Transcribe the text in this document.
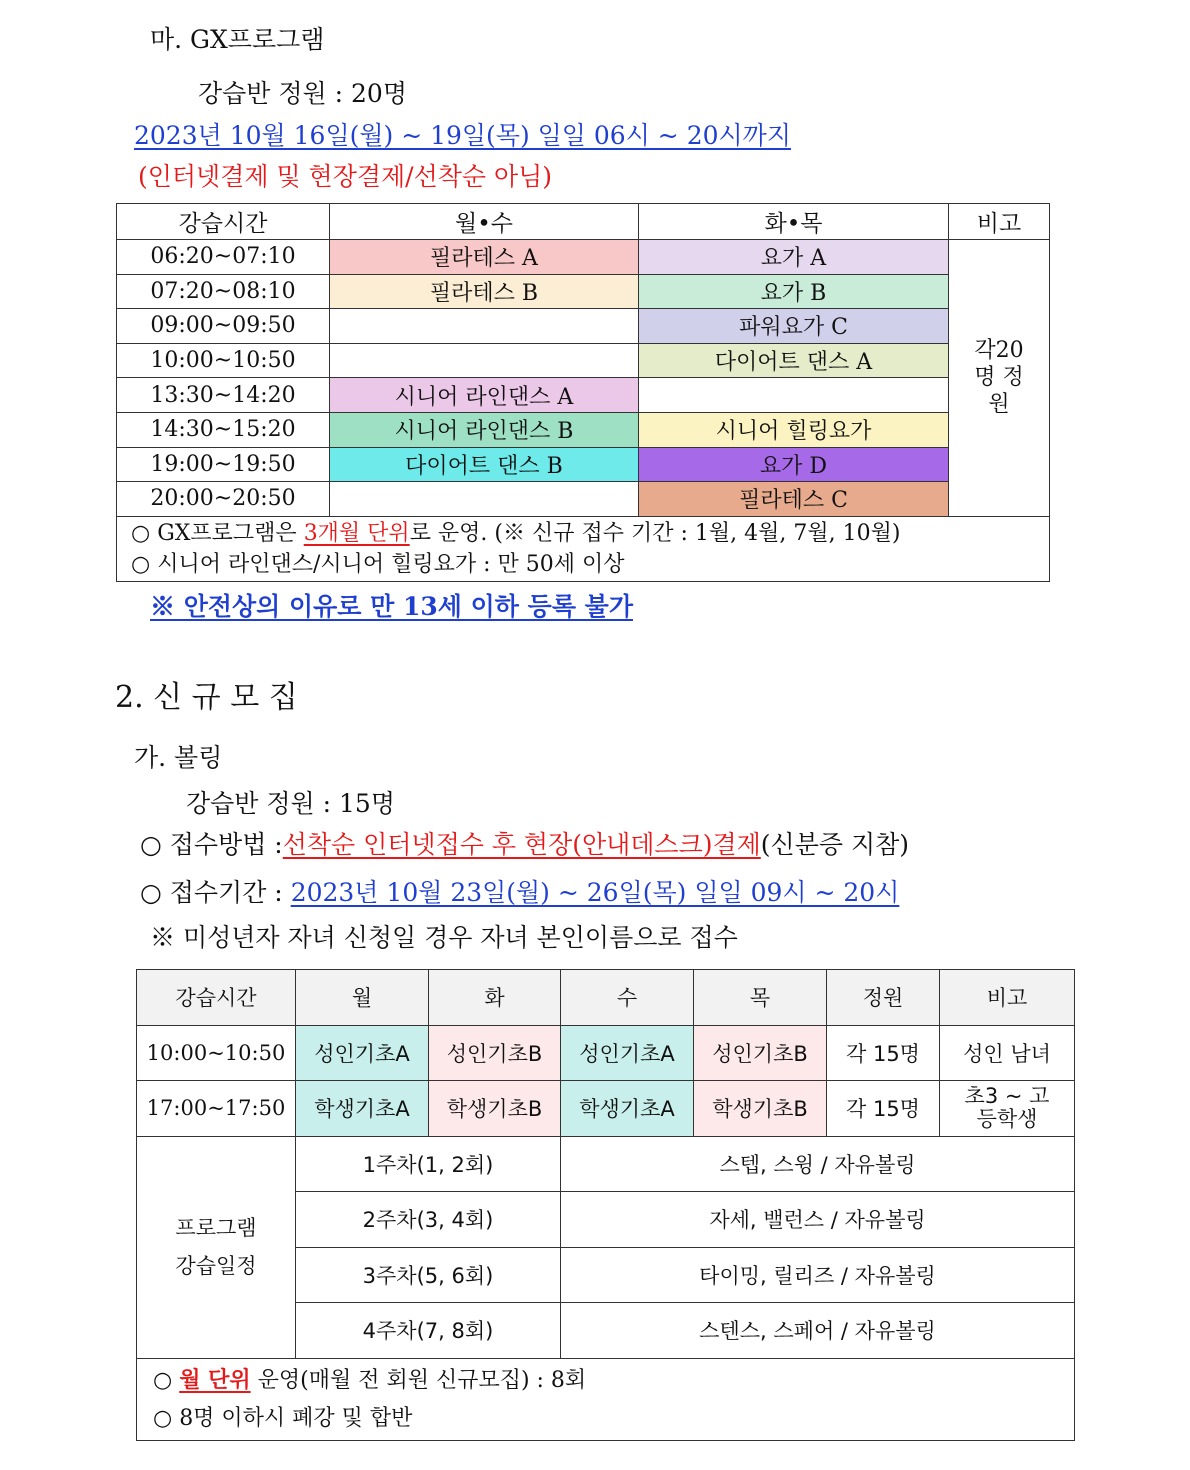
마. GX프로그램
강습반 정원 : 20명
2023년 10월 16일(월) ~ 19일(목) 일일 06시 ~ 20시까지
(인터넷결제 및 현장결제/선착순 아님)
강습시간	월•수	화•목	비고
06:20~07:10	필라테스 A	요가 A	각20명 정원
07:20~08:10	필라테스 B	요가 B	
09:00~09:50		파워요가 C	
10:00~10:50		다이어트 댄스 A	
13:30~14:20	시니어 라인댄스 A		
14:30~15:20	시니어 라인댄스 B	시니어 힐링요가	
19:00~19:50	다이어트 댄스 B	요가 D	
20:00~20:50		필라테스 C	

○ GX프로그램은 3개월 단위로 운영. (※ 신규 접수 기간 : 1월, 4월, 7월, 10월)
○ 시니어 라인댄스/시니어 힐링요가 : 만 50세 이상			
※ 안전상의 이유로 만 13세 이하 등록 불가
2. 신 규 모 집
가. 볼링
강습반 정원 : 15명
○ 접수방법 :선착순 인터넷접수 후 현장(안내데스크)결제(신분증 지참)
○ 접수기간 : 2023년 10월 23일(월) ~ 26일(목) 일일 09시 ~ 20시
※ 미성년자 자녀 신청일 경우 자녀 본인이름으로 접수
강습시간	월	화	수	목	정원	비고
10:00~10:50	성인기초A	성인기초B	성인기초A	성인기초B	각 15명	성인 남녀
17:00~17:50	학생기초A	학생기초B	학생기초A	학생기초B	각 15명	초3 ~ 고등학생

프로그램
강습일정	1주차(1, 2회)		스텝, 스윙 / 자유볼링			
	2주차(3, 4회)		자세, 밸런스 / 자유볼링			
	3주차(5, 6회)		타이밍, 릴리즈 / 자유볼링			
	4주차(7, 8회)		스텐스, 스페어 / 자유볼링			

○ 월 단위 운영(매월 전 회원 신규모집) : 8회
○ 8명 이하시 폐강 및 합반						
